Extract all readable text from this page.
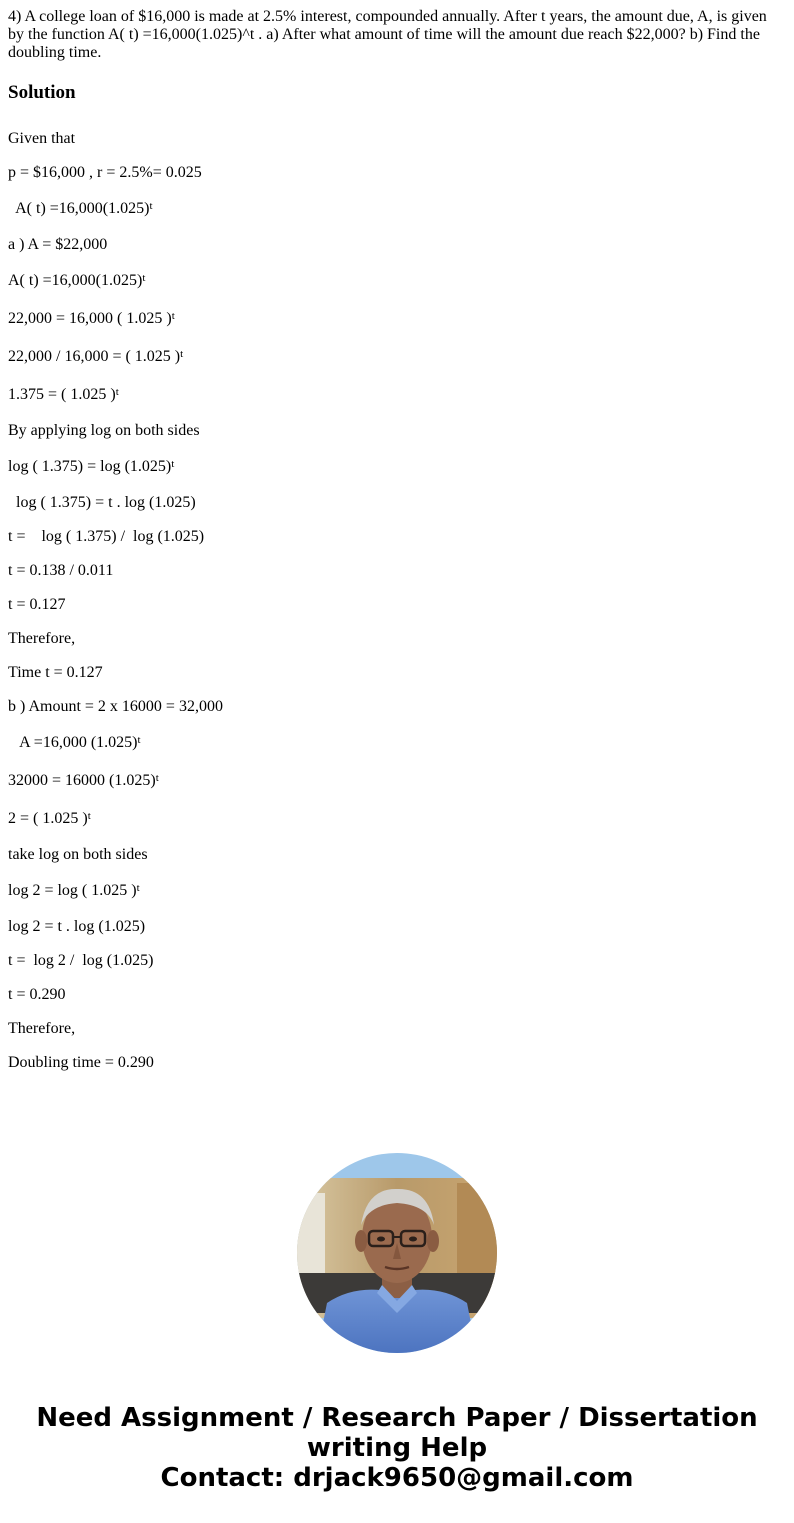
4) A college loan of $16,000 is made at 2.5% interest, compounded annually. After t years, the amount due, A, is given by the function A( t) =16,000(1.025)^t . a) After what amount of time will the amount due reach $22,000? b) Find the doubling time.

Solution

Given that

p = $16,000 , r = 2.5%= 0.025

A( $t) =16,000(1.025)^t$

a ) A = $22,000

A( $t) =16,000(1.025)^t$

22,000 = 16,000 ( 1.025 )$^t$

22,000 / 16,000 = ( 1.025 )$^t$

1.375 = ( 1.025 )$^t$

By applying log on both sides

log ( $1.375) = \log (1.025)^t$

log ( 1.375) = t . log (1.025)

t =    log ( 1.375) /  log (1.025)

t = 0.138 / 0.011

t = 0.127

Therefore,

Time t = 0.127

b ) Amount = 2 x 16000 = 32,000

A =16,000 $(1.025)^t$

32000 = 16000 $(1.025)^t$

2 = ( 1.025 )$^t$

take log on both sides

log 2 = log ( 1.025 )$^t$

log 2 = t . log (1.025)

t =  log 2 /  log (1.025)

t = 0.290

Therefore,

Doubling time = 0.290

Need Assignment / Research Paper / Dissertation
writing Help
Contact: drjack9650@gmail.com
